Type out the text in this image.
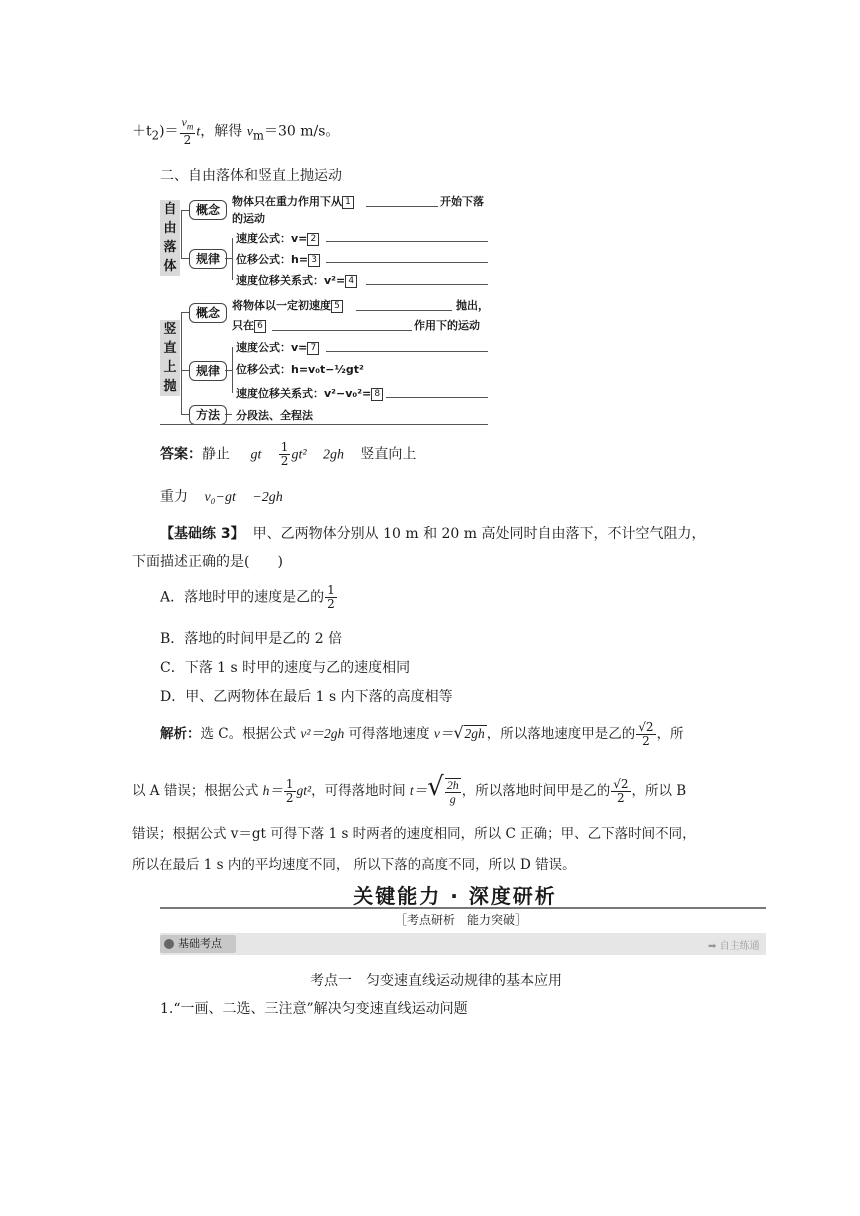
$+t_2)= \frac{v_m}{2}$ t，解得 $v_m=30$ m/s。
二、自由落体和竖直上抛运动
自
由
落
体
概念
物体只在重力作用下从 1	开始下落
的运动
规律
速度公式：v= 2
位移公式：h= 3
速度位移关系式：v²= 4
竖
直
上
抛
概念
将物体以一定初速度 5	抛出，
只在 6	作用下的运动
规律
速度公式：v= 7
位移公式：h=v₀t−½gt²
速度位移关系式：v²−v₀²= 8
方法	分段法、全程法
答案：静止 gt $\frac{1}{2} gt^2$ 2gh 竖直向上
重力 v₀−gt −2gh
【基础练 3】 甲、乙两物体分别从 10 m 和 20 m 高处同时自由落下，不计空气阻力，
下面描述正确的是(　　)
A．落地时甲的速度是乙的 $\frac{1}{2}$
B．落地的时间甲是乙的 2 倍
C．下落 1 s 时甲的速度与乙的速度相同
D．甲、乙两物体在最后 1 s 内下落的高度相等
解析：选 C。根据公式 v²＝2gh 可得落地速度 v＝√2gh ，所以落地速度甲是乙的 $\frac{√2}{2}$ ，所
以 A 错误；根据公式 $h= \frac{1}{2} gt^2$，可得落地时间 $t=√ \frac{2h}{g}$ ，所以落地时间甲是乙的 $\frac{√2}{2}$ ，所以 B
错误；根据公式 v＝gt 可得下落 1 s 时两者的速度相同，所以 C 正确；甲、乙下落时间不同，
所以在最后 1 s 内的平均速度不同， 所以下落的高度不同，所以 D 错误。
关键能力 · 深度研析
［考点研析　能力突破］
基础考点	➡ 自主练通
考点一　匀变速直线运动规律的基本应用
1.“一画、二选、三注意”解决匀变速直线运动问题
